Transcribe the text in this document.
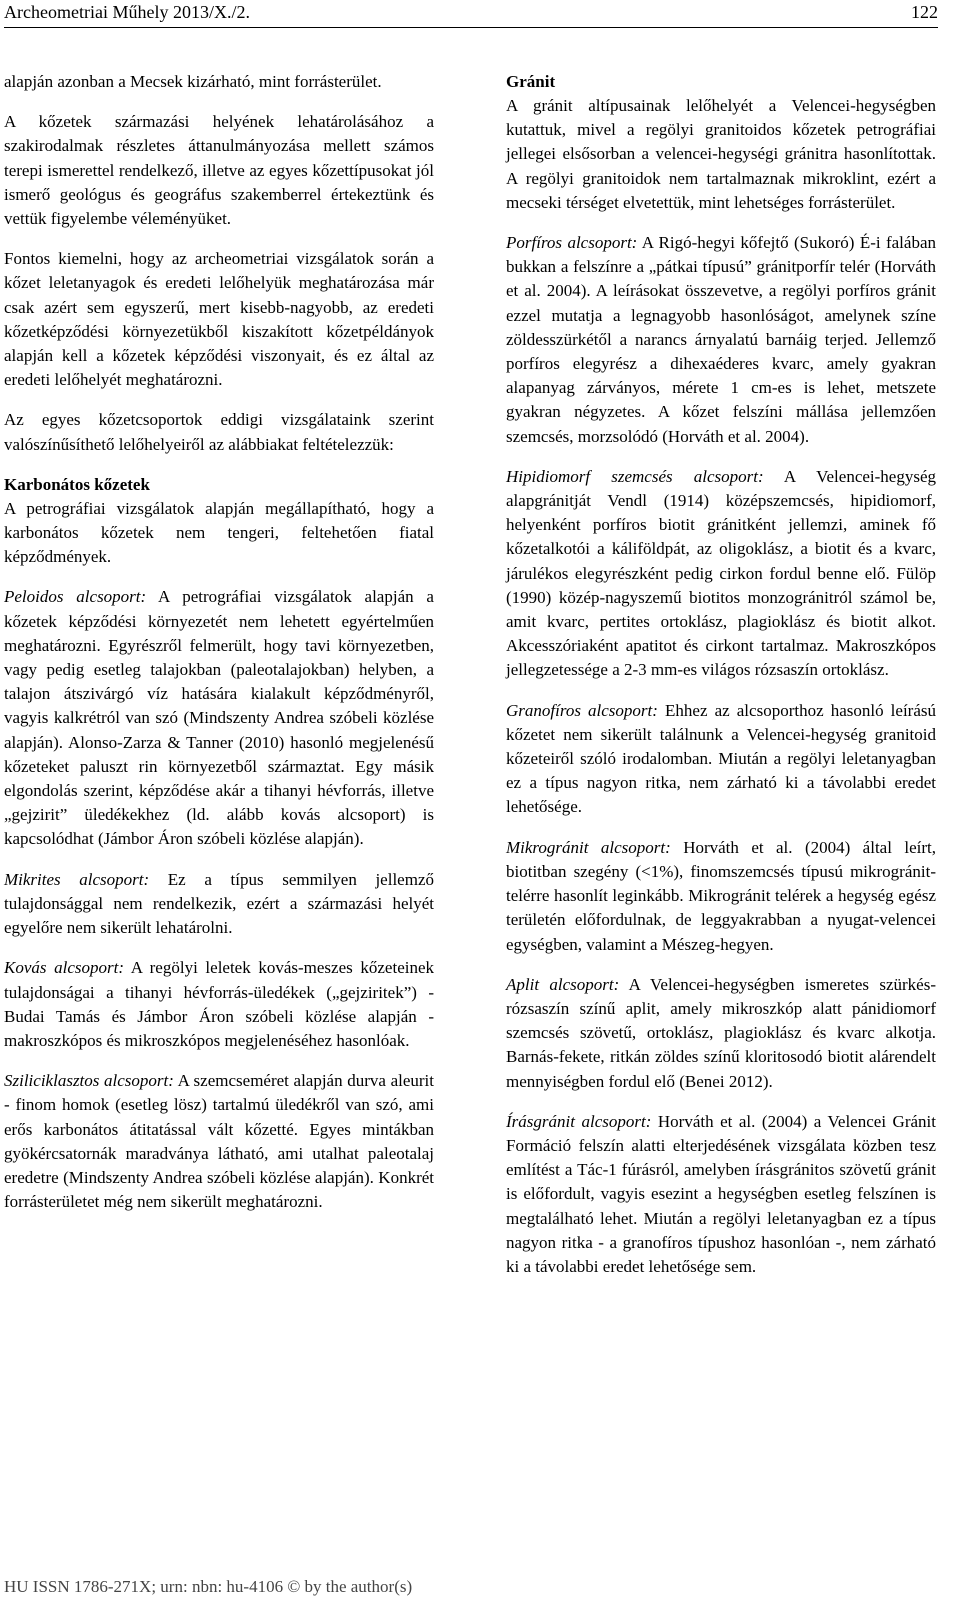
Archeometriai Műhely 2013/X./2.	122

alapján azonban a Mecsek kizárható, mint forrásterület.

A kőzetek származási helyének lehatárolásához a szakirodalmak részletes áttanulmányozása mellett számos terepi ismerettel rendelkező, illetve az egyes kőzettípusokat jól ismerő geológus és geográfus szakemberrel értekeztünk és vettük figyelembe véleményüket.

Fontos kiemelni, hogy az archeometriai vizsgálatok során a kőzet leletanyagok és eredeti lelőhelyük meghatározása már csak azért sem egyszerű, mert kisebb-nagyobb, az eredeti kőzetképződési környezetükből kiszakított kőzetpéldányok alapján kell a kőzetek képződési viszonyait, és ez által az eredeti lelőhelyét meghatározni.

Az egyes kőzetcsoportok eddigi vizsgálataink szerint valószínűsíthető lelőhelyeiről az alábbiakat feltételezzük:

Karbonátos kőzetek

A petrográfiai vizsgálatok alapján megállapítható, hogy a karbonátos kőzetek nem tengeri, feltehetően fiatal képződmények.

Peloidos alcsoport: A petrográfiai vizsgálatok alapján a kőzetek képződési környezetét nem lehetett egyértelműen meghatározni. Egyrészről felmerült, hogy tavi környezetben, vagy pedig esetleg talajokban (paleotalajokban) helyben, a talajon átszivárgó víz hatására kialakult képződményről, vagyis kalkrétról van szó (Mindszenty Andrea szóbeli közlése alapján). Alonso-Zarza & Tanner (2010) hasonló megjelenésű kőzeteket paluszt rin környezetből származtat. Egy másik elgondolás szerint, képződése akár a tihanyi hévforrás, illetve „gejzirit” üledékekhez (ld. alább kovás alcsoport) is kapcsolódhat (Jámbor Áron szóbeli közlése alapján).

Mikrites alcsoport: Ez a típus semmilyen jellemző tulajdonsággal nem rendelkezik, ezért a származási helyét egyelőre nem sikerült lehatárolni.

Kovás alcsoport: A regölyi leletek kovás-meszes kőzeteinek tulajdonságai a tihanyi hévforrás-üledékek („gejziritek”) - Budai Tamás és Jámbor Áron szóbeli közlése alapján - makroszkópos és mikroszkópos megjelenéséhez hasonlóak.

Sziliciklasztos alcsoport: A szemcseméret alapján durva aleurit - finom homok (esetleg lösz) tartalmú üledékről van szó, ami erős karbonátos átitatással vált kőzetté. Egyes mintákban gyökércsatornák maradványa látható, ami utalhat paleotalaj eredetre (Mindszenty Andrea szóbeli közlése alapján). Konkrét forrásterületet még nem sikerült meghatározni.

Gránit

A gránit altípusainak lelőhelyét a Velencei-hegységben kutattuk, mivel a regölyi granitoidos kőzetek petrográfiai jellegei elsősorban a velencei-hegységi gránitra hasonlítottak. A regölyi granitoidok nem tartalmaznak mikroklint, ezért a mecseki térséget elvetettük, mint lehetséges forrásterület.

Porfíros alcsoport: A Rigó-hegyi kőfejtő (Sukoró) É-i falában bukkan a felszínre a „pátkai típusú” gránitporfír telér (Horváth et al. 2004). A leírásokat összevetve, a regölyi porfíros gránit ezzel mutatja a legnagyobb hasonlóságot, amelynek színe zöldesszürkétől a narancs árnyalatú barnáig terjed. Jellemző porfíros elegyrész a dihexaéderes kvarc, amely gyakran alapanyag zárványos, mérete 1 cm-es is lehet, metszete gyakran négyzetes. A kőzet felszíni mállása jellemzően szemcsés, morzsolódó (Horváth et al. 2004).

Hipidiomorf szemcsés alcsoport: A Velencei-hegység alapgránitját Vendl (1914) középszemcsés, hipidiomorf, helyenként porfíros biotit gránitként jellemzi, aminek fő kőzetalkotói a káliföldpát, az oligoklász, a biotit és a kvarc, járulékos elegyrészként pedig cirkon fordul benne elő. Fülöp (1990) közép-nagyszemű biotitos monzogránitról számol be, amit kvarc, pertites ortoklász, plagioklász és biotit alkot. Akcesszóriaként apatitot és cirkont tartalmaz. Makroszkópos jellegzetessége a 2-3 mm-es világos rózsaszín ortoklász.

Granofíros alcsoport: Ehhez az alcsoporthoz hasonló leírású kőzetet nem sikerült találnunk a Velencei-hegység granitoid kőzeteiről szóló irodalomban. Miután a regölyi leletanyagban ez a típus nagyon ritka, nem zárható ki a távolabbi eredet lehetősége.

Mikrogránit alcsoport: Horváth et al. (2004) által leírt, biotitban szegény (<1%), finomszemcsés típusú mikrogránit-telérre hasonlít leginkább. Mikrogránit telérek a hegység egész területén előfordulnak, de leggyakrabban a nyugat-velencei egységben, valamint a Mészeg-hegyen.

Aplit alcsoport: A Velencei-hegységben ismeretes szürkés-rózsaszín színű aplit, amely mikroszkóp alatt pánidiomorf szemcsés szövetű, ortoklász, plagioklász és kvarc alkotja. Barnás-fekete, ritkán zöldes színű kloritosodó biotit alárendelt mennyiségben fordul elő (Benei 2012).

Írásgránit alcsoport: Horváth et al. (2004) a Velencei Gránit Formáció felszín alatti elterjedésének vizsgálata közben tesz említést a Tác-1 fúrásról, amelyben írásgránitos szövetű gránit is előfordult, vagyis esezint a hegységben esetleg felszínen is megtalálható lehet. Miután a regölyi leletanyagban ez a típus nagyon ritka - a granofíros típushoz hasonlóan -, nem zárható ki a távolabbi eredet lehetősége sem.

HU ISSN 1786-271X; urn: nbn: hu-4106 © by the author(s)
